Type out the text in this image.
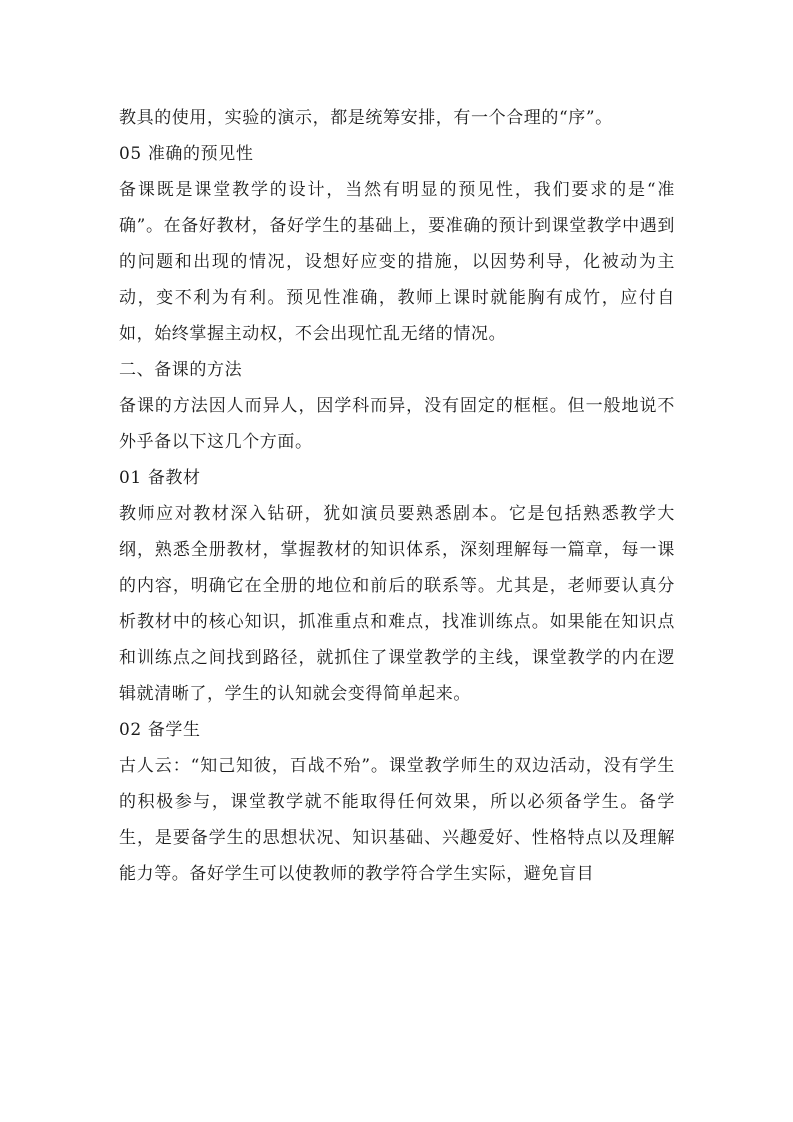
教具的使用，实验的演示，都是统筹安排，有一个合理的“序”。

05 准确的预见性

备课既是课堂教学的设计，当然有明显的预见性，我们要求的是“准确”。在备好教材，备好学生的基础上，要准确的预计到课堂教学中遇到的问题和出现的情况，设想好应变的措施，以因势利导，化被动为主动，变不利为有利。预见性准确，教师上课时就能胸有成竹，应付自如，始终掌握主动权，不会出现忙乱无绪的情况。

二、备课的方法

备课的方法因人而异人，因学科而异，没有固定的框框。但一般地说不外乎备以下这几个方面。

01 备教材

教师应对教材深入钻研，犹如演员要熟悉剧本。它是包括熟悉教学大纲，熟悉全册教材，掌握教材的知识体系，深刻理解每一篇章，每一课的内容，明确它在全册的地位和前后的联系等。尤其是，老师要认真分析教材中的核心知识，抓准重点和难点，找准训练点。如果能在知识点和训练点之间找到路径，就抓住了课堂教学的主线，课堂教学的内在逻辑就清晰了，学生的认知就会变得简单起来。

02 备学生

古人云：“知己知彼，百战不殆”。课堂教学师生的双边活动，没有学生的积极参与，课堂教学就不能取得任何效果，所以必须备学生。备学生，是要备学生的思想状况、知识基础、兴趣爱好、性格特点以及理解能力等。备好学生可以使教师的教学符合学生实际，避免盲目
